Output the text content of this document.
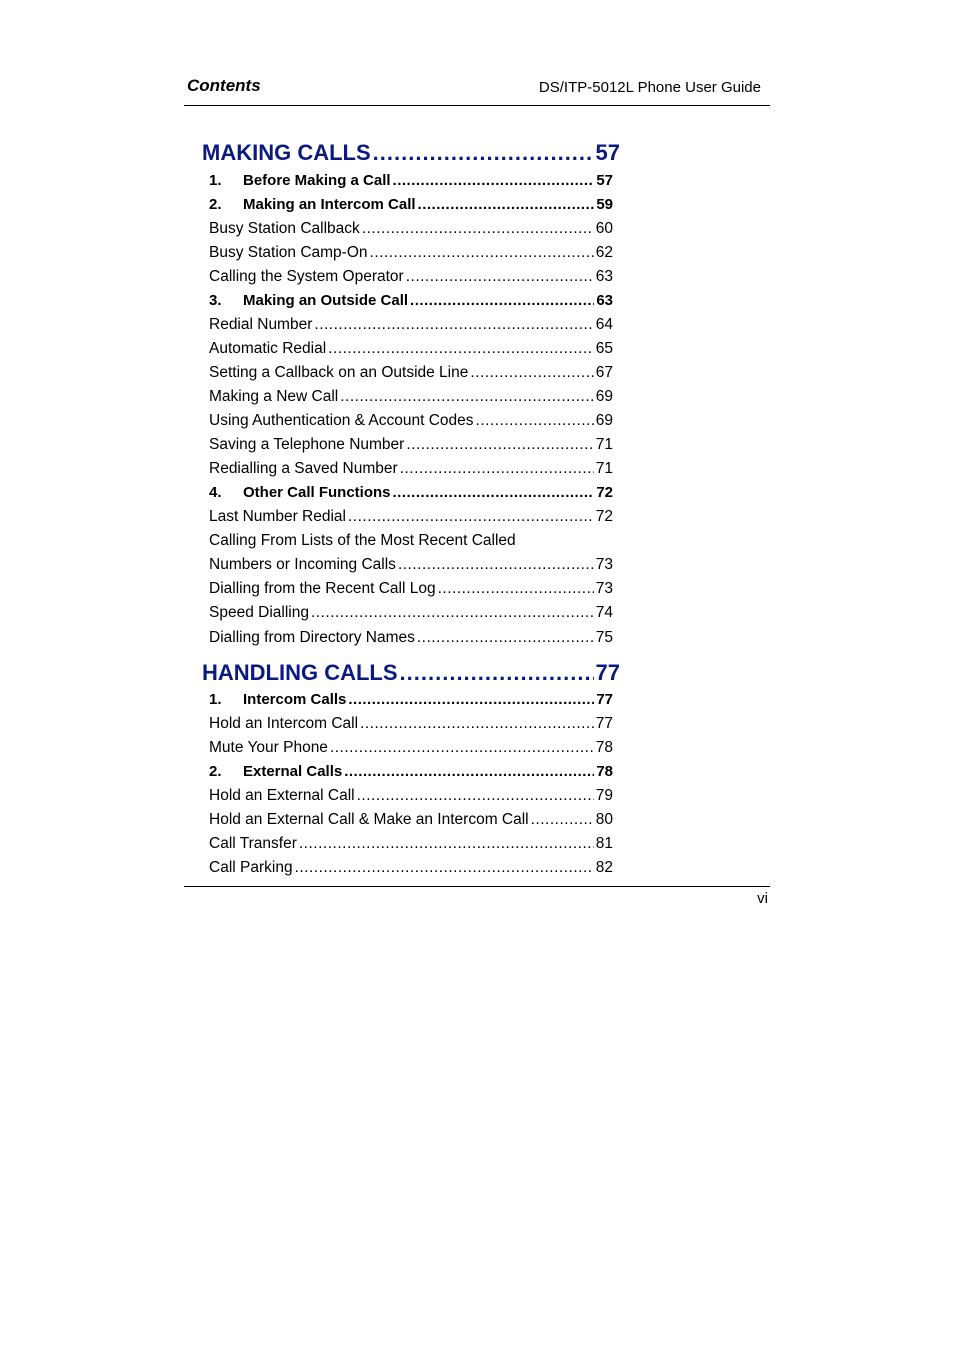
Contents	DS/ITP-5012L Phone User Guide
MAKING CALLS .....	57
1. Before Making a Call .....	57
2. Making an Intercom Call .....	59
Busy Station Callback .....	60
Busy Station Camp-On .....	62
Calling the System Operator .....	63
3. Making an Outside Call .....	63
Redial Number .....	64
Automatic Redial .....	65
Setting a Callback on an Outside Line .....	67
Making a New Call .....	69
Using Authentication & Account Codes .....	69
Saving a Telephone Number .....	71
Redialling a Saved Number .....	71
4. Other Call Functions .....	72
Last Number Redial .....	72
Calling From Lists of the Most Recent Called
Numbers or Incoming Calls .....	73
Dialling from the Recent Call Log .....	73
Speed Dialling .....	74
Dialling from Directory Names .....	75
HANDLING CALLS .....	77
1. Intercom Calls .....	77
Hold an Intercom Call .....	77
Mute Your Phone .....	78
2. External Calls .....	78
Hold an External Call .....	79
Hold an External Call & Make an Intercom Call .....	80
Call Transfer .....	81
Call Parking .....	82
vi
